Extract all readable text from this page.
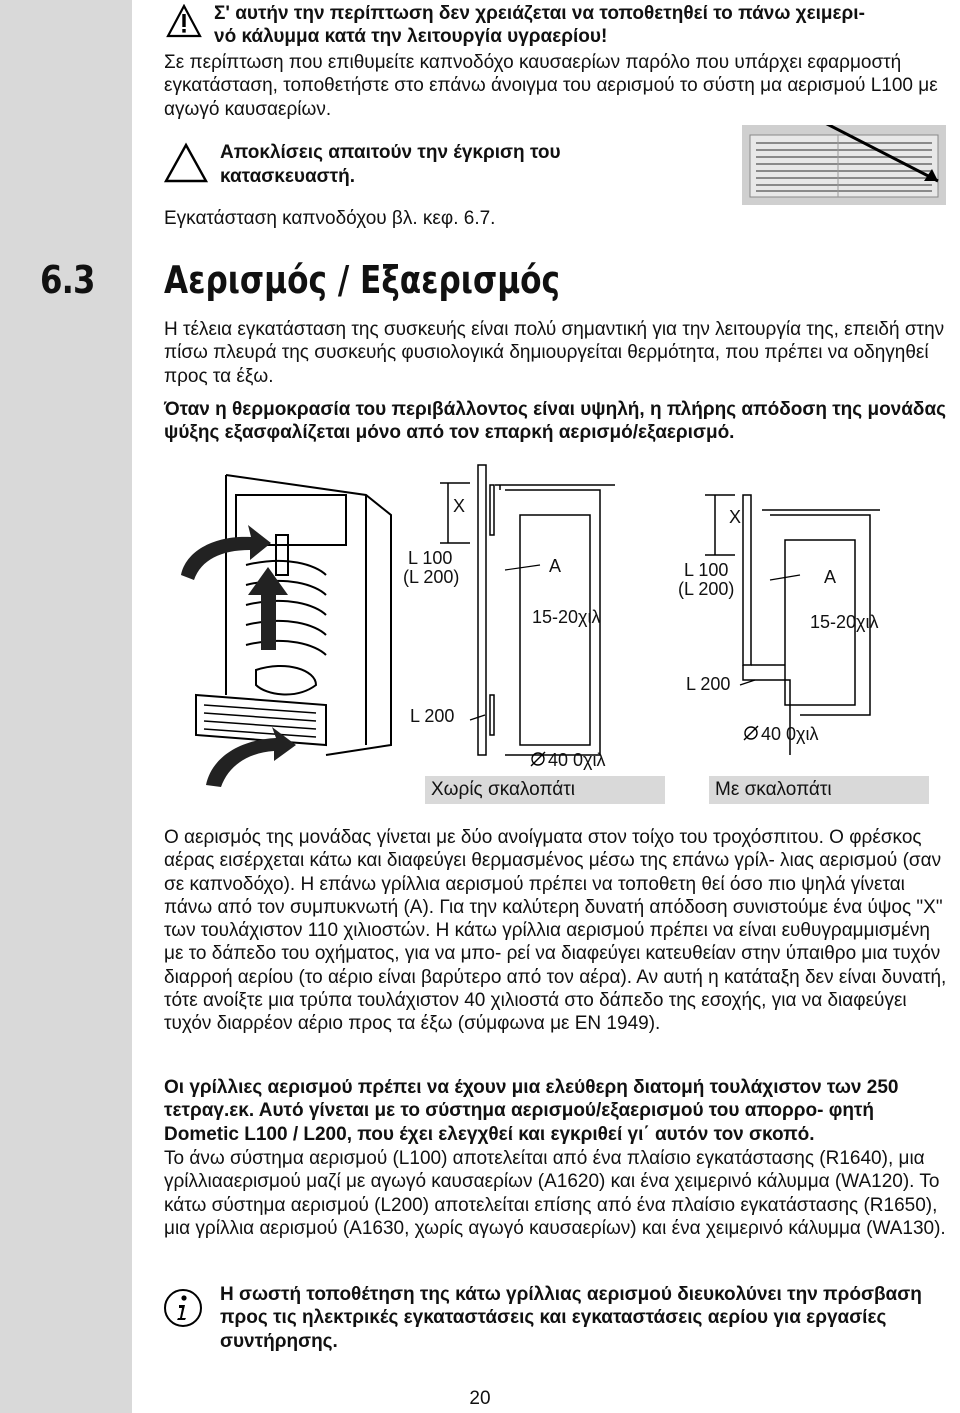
Σ' αυτήν την περίπτωση δεν χρειάζεται να τοποθετηθεί το πάνω χειμερι-
νό κάλυμμα κατά την λειτουργία υγραερίου!
Σε περίπτωση που επιθυμείτε καπνοδόχο καυσαερίων παρόλο που υπάρχει εφαρμοστή εγκατάσταση, τοποθετήστε στο επάνω άνοιγμα του αερισμού το σύστη μα αερισμού L100 με αγωγό καυσαερίων.
Αποκλίσεις απαιτούν την έγκριση του
κατασκευαστή.
Εγκατάσταση καπνοδόχου βλ. κεφ. 6.7.
6.3	Αερισμός / Εξαερισμός
Η τέλεια εγκατάσταση της συσκευής είναι πολύ σημαντική για την λειτουργία της, επειδή στην πίσω πλευρά της συσκευής φυσιολογικά δημιουργείται θερμότητα, που πρέπει να οδηγηθεί προς τα έξω.
Όταν η θερμοκρασία του περιβάλλοντος είναι υψηλή, η πλήρης απόδοση της μονάδας ψύξης εξασφαλίζεται μόνο από τον επαρκή αερισμό/εξαερισμό.
X
X
L 100
(L 200)
A	L 100
(L 200)
A
15-20χιλ	15-20χιλ
L 200
L 200
40 0χιλ
40 0χιλ
Χωρίς σκαλοπάτι	Με σκαλοπάτι
Ο αερισμός της μονάδας γίνεται με δύο ανοίγματα στον τοίχο του τροχόσπιτου. Ο φρέσκος αέρας εισέρχεται κάτω και διαφεύγει θερμασμένος μέσω της επάνω γρίλ- λιας αερισμού (σαν σε καπνοδόχο). Η επάνω γρίλλια αερισμού πρέπει να τοποθετη θεί όσο πιο ψηλά γίνεται πάνω από τον συμπυκνωτή (Α). Για την καλύτερη δυνατή απόδοση συνιστούμε ένα ύψος "Χ" των τουλάχιστον 110 χιλιοστών. Η κάτω γρίλλια αερισμού πρέπει να είναι ευθυγραμμισμένη με το δάπεδο του οχήματος, για να μπο- ρεί να διαφεύγει κατευθείαν στην ύπαιθρο μια τυχόν διαρροή αερίου (το αέριο είναι βαρύτερο από τον αέρα). Αν αυτή η κατάταξη δεν είναι δυνατή, τότε ανοίξτε μια τρύπα τουλάχιστον 40 χιλιοστά στο δάπεδο της εσοχής, για να διαφεύγει τυχόν διαρρέον αέριο προς τα έξω (σύμφωνα με ΕΝ 1949).
Οι γρίλλιες αερισμού πρέπει να έχουν μια ελεύθερη διατομή τουλάχιστον των 250 τετραγ.εκ. Αυτό γίνεται με το σύστημα αερισμού/εξαερισμού του απορρο- φητή Dometic L100 / L200, που έχει ελεγχθεί και εγκριθεί γι΄ αυτόν τον σκοπό.
Το άνω σύστημα αερισμού (L100) αποτελείται από ένα πλαίσιο εγκατάστασης (R1640), μια γρίλλιααερισμού μαζί με αγωγό καυσαερίων (Α1620) και ένα χειμερινό κάλυμμα (WA120). Το κάτω σύστημα αερισμού (L200) αποτελείται επίσης από ένα πλαίσιο εγκατάστασης (R1650), μια γρίλλια αερισμού (Α1630, χωρίς αγωγό καυσαερίων) και ένα χειμερινό κάλυμμα (WA130).
Η σωστή τοποθέτηση της κάτω γρίλλιας αερισμού διευκολύνει την πρόσβαση προς τις ηλεκτρικές εγκαταστάσεις και εγκαταστάσεις αερίου για εργασίες συντήρησης.
20
